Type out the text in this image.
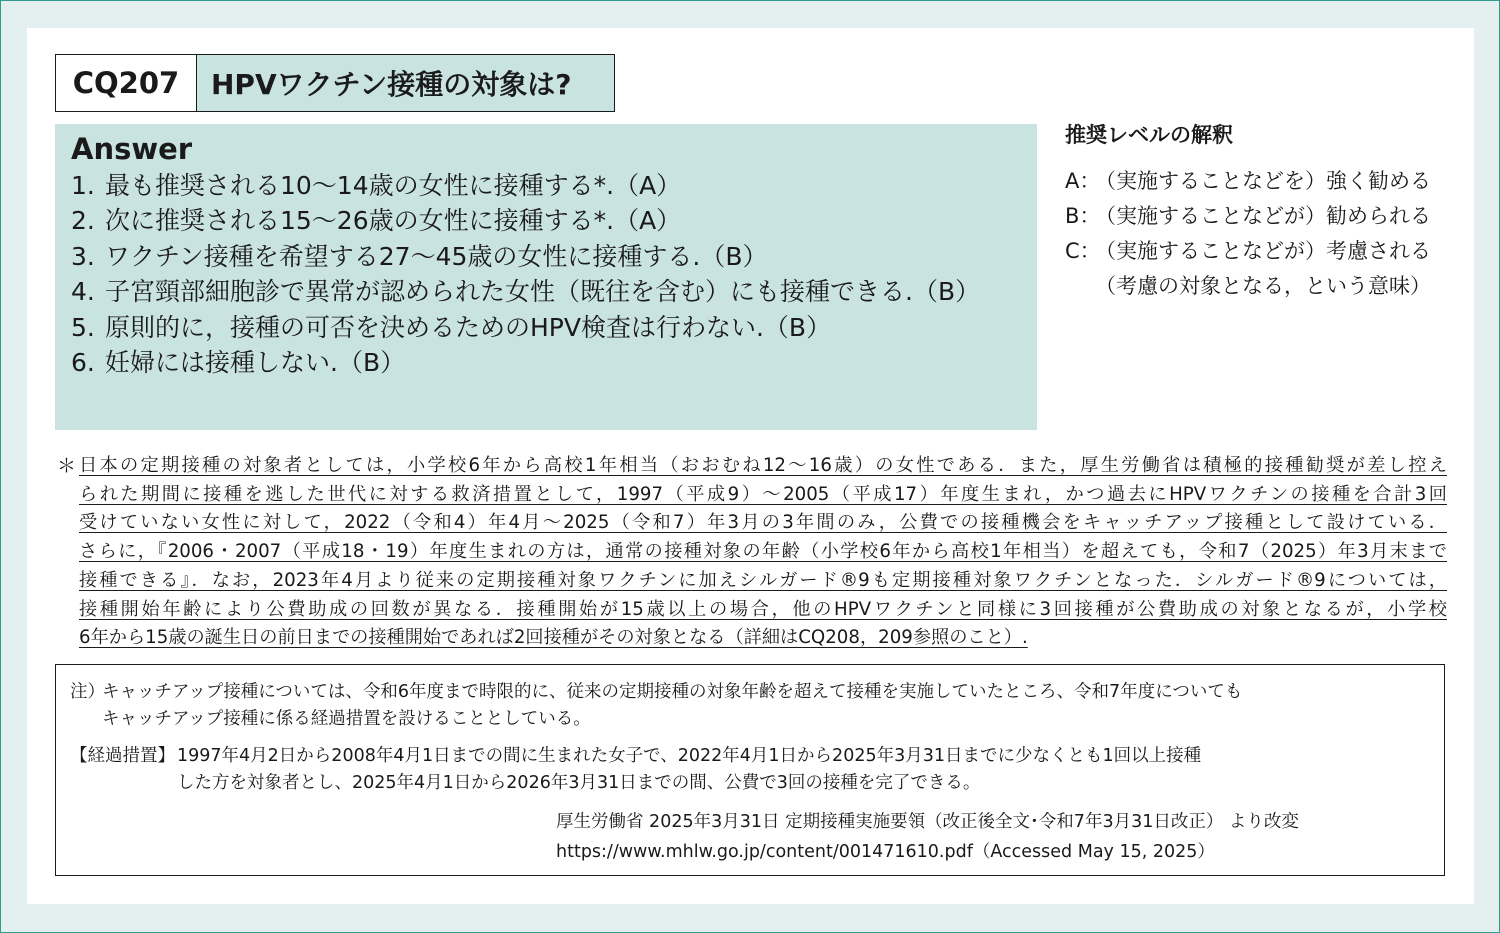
CQ207	HPVワクチン接種の対象は?
Answer
1. 最も推奨される10～14歳の女性に接種する*.（A）
2. 次に推奨される15～26歳の女性に接種する*.（A）
3. ワクチン接種を希望する27～45歳の女性に接種する.（B）
4. 子宮頸部細胞診で異常が認められた女性（既往を含む）にも接種できる.（B）
5. 原則的に，接種の可否を決めるためのHPV検査は行わない.（B）
6. 妊婦には接種しない.（B）
推奨レベルの解釈
A：（実施することなどを）強く勧める
B：（実施することなどが）勧められる
C：（実施することなどが）考慮される
（考慮の対象となる，という意味）
＊ 日本の定期接種の対象者としては，小学校6年から高校1年相当（おおむね12～16歳）の女性である．また，厚生労働省は積極的接種勧奨が差し控え
られた期間に接種を逃した世代に対する救済措置として，1997（平成9）～2005（平成17）年度生まれ，かつ過去にHPVワクチンの接種を合計3回
受けていない女性に対して，2022（令和4）年4月～2025（令和7）年3月の3年間のみ，公費での接種機会をキャッチアップ接種として設けている．
さらに，『2006・2007（平成18・19）年度生まれの方は，通常の接種対象の年齢（小学校6年から高校1年相当）を超えても，令和7（2025）年3月末まで
接種できる』．なお，2023年4月より従来の定期接種対象ワクチンに加えシルガード®9も定期接種対象ワクチンとなった．シルガード®9については，
接種開始年齢により公費助成の回数が異なる．接種開始が15歳以上の場合，他のHPVワクチンと同様に3回接種が公費助成の対象となるが，小学校
6年から15歳の誕生日の前日までの接種開始であれば2回接種がその対象となる（詳細はCQ208，209参照のこと）.
注）
キャッチアップ接種については、令和6年度まで時限的に、従来の定期接種の対象年齢を超えて接種を実施していたところ、令和7年度についても
キャッチアップ接種に係る経過措置を設けることとしている。
【経過措置】 1997年4月2日から2008年4月1日までの間に生まれた女子で、2022年4月1日から2025年3月31日までに少なくとも1回以上接種
した方を対象者とし、2025年4月1日から2026年3月31日までの間、公費で3回の接種を完了できる。
厚生労働省 2025年3月31日 定期接種実施要領（改正後全文･令和7年3月31日改正） より改変
https://www.mhlw.go.jp/content/001471610.pdf（Accessed May 15, 2025）
